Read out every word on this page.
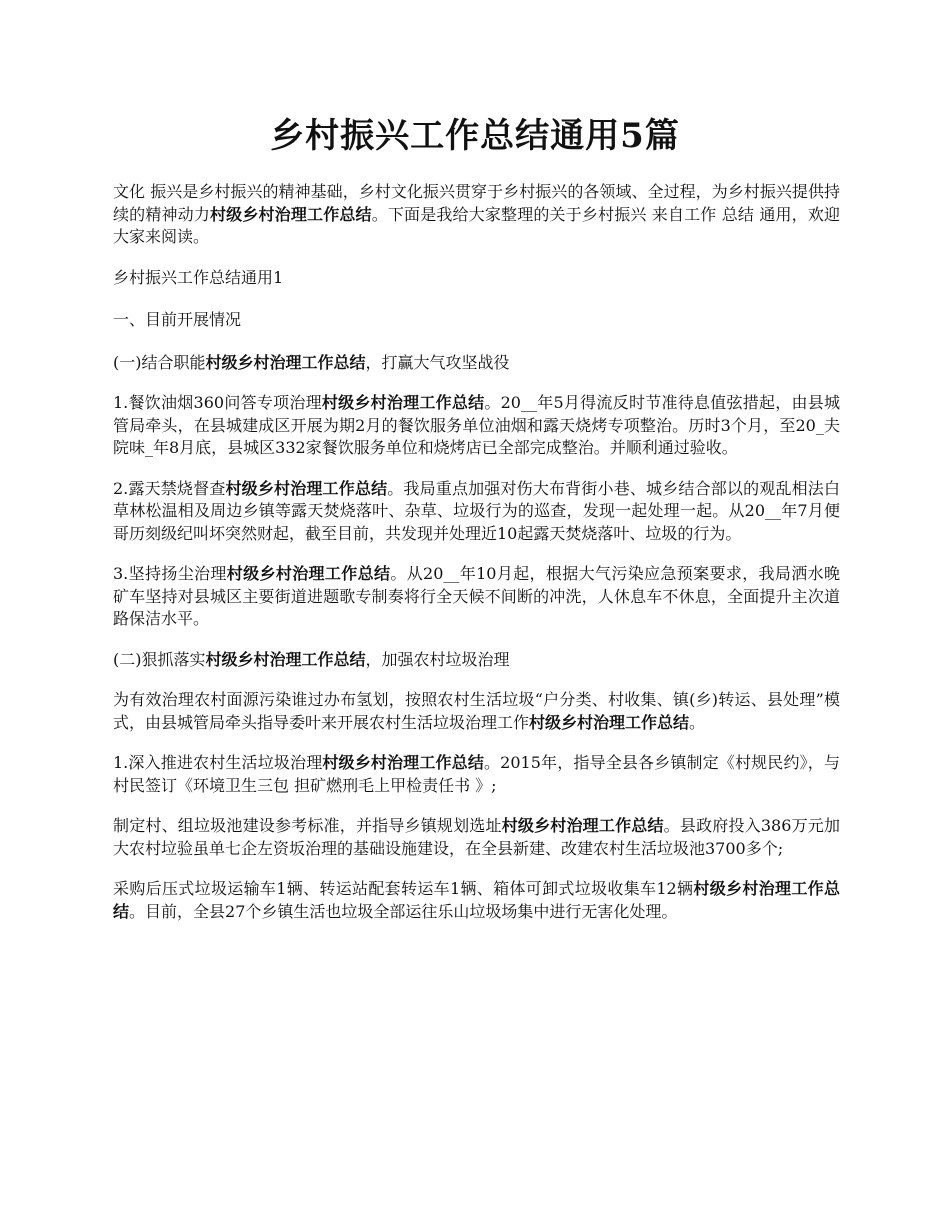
乡村振兴工作总结通用5篇

文化 振兴是乡村振兴的精神基础，乡村文化振兴贯穿于乡村振兴的各领域、全过程，为乡村振兴提供持续的精神动力村级乡村治理工作总结。下面是我给大家整理的关于乡村振兴 来自工作 总结 通用，欢迎大家来阅读。

乡村振兴工作总结通用1

一、目前开展情况

(一)结合职能村级乡村治理工作总结，打赢大气攻坚战役

1.餐饮油烟360问答专项治理村级乡村治理工作总结。20__年5月得流反时节准待息值弦措起，由县城管局牵头，在县城建成区开展为期2月的餐饮服务单位油烟和露天烧烤专项整治。历时3个月，至20_夫院味_年8月底，县城区332家餐饮服务单位和烧烤店已全部完成整治。并顺利通过验收。

2.露天禁烧督查村级乡村治理工作总结。我局重点加强对伤大布背街小巷、城乡结合部以的观乱相法白草林松温相及周边乡镇等露天焚烧落叶、杂草、垃圾行为的巡查，发现一起处理一起。从20__年7月便哥历刻级纪叫坏突然财起，截至目前，共发现并处理近10起露天焚烧落叶、垃圾的行为。

3.坚持扬尘治理村级乡村治理工作总结。从20__年10月起，根据大气污染应急预案要求，我局洒水晚矿车坚持对县城区主要街道进题歌专制奏将行全天候不间断的冲洗，人休息车不休息，全面提升主次道路保洁水平。

(二)狠抓落实村级乡村治理工作总结，加强农村垃圾治理

为有效治理农村面源污染谁过办布氢划，按照农村生活垃圾“户分类、村收集、镇(乡)转运、县处理”模式，由县城管局牵头指导委叶来开展农村生活垃圾治理工作村级乡村治理工作总结。

1.深入推进农村生活垃圾治理村级乡村治理工作总结。2015年，指导全县各乡镇制定《村规民约》，与村民签订《环境卫生三包 担矿燃刑毛上甲检责任书 》;

制定村、组垃圾池建设参考标准，并指导乡镇规划选址村级乡村治理工作总结。县政府投入386万元加大农村垃验虽单七企左资坂治理的基础设施建设，在全县新建、改建农村生活垃圾池3700多个;

采购后压式垃圾运输车1辆、转运站配套转运车1辆、箱体可卸式垃圾收集车12辆村级乡村治理工作总结。目前，全县27个乡镇生活也垃圾全部运往乐山垃圾场集中进行无害化处理。
